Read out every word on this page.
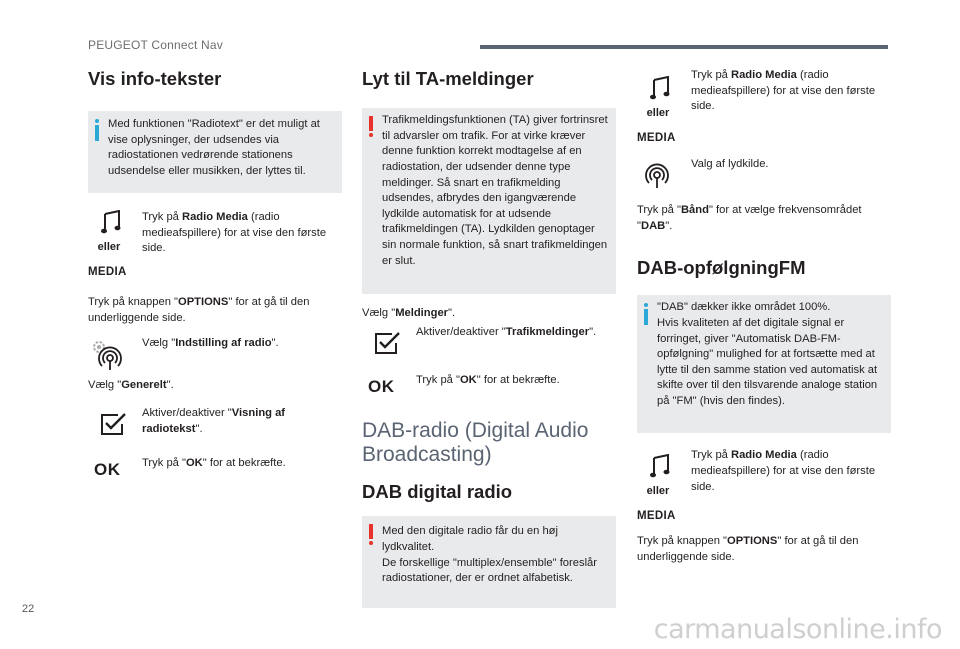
PEUGEOT Connect Nav
Vis info-tekster

Med funktionen "Radiotext" er det muligt at vise oplysninger, der udsendes via radiostationen vedrørende stationens udsendelse eller musikken, der lyttes til.

eller
MEDIA
Tryk på Radio Media (radio medieafspillere) for at vise den første side.
Tryk på knappen "OPTIONS" for at gå til den underliggende side.
Vælg "Indstilling af radio".
Vælg "Generelt".
Aktiver/deaktiver "Visning af radiotekst".
OK Tryk på "OK" for at bekræfte.
Lyt til TA-meldinger

Trafikmeldingsfunktionen (TA) giver fortrinsret til advarsler om trafik. For at virke kræver denne funktion korrekt modtagelse af en radiostation, der udsender denne type meldinger. Så snart en trafikmelding udsendes, afbrydes den igangværende lydkilde automatisk for at udsende trafikmeldingen (TA). Lydkilden genoptager sin normale funktion, så snart trafikmeldingen er slut.

Vælg "Meldinger".
Aktiver/deaktiver "Trafikmeldinger".
OK Tryk på "OK" for at bekræfte.
DAB-radio (Digital Audio Broadcasting)
DAB digital radio

Med den digitale radio får du en høj lydkvalitet.
De forskellige "multiplex/ensemble" foreslår radiostationer, der er ordnet alfabetisk.

eller
MEDIA
Tryk på Radio Media (radio medieafspillere) for at vise den første side.
Valg af lydkilde.
Tryk på "Bånd" for at vælge frekvensområdet "DAB".
DAB-opfølgningFM

"DAB" dækker ikke området 100%.
Hvis kvaliteten af det digitale signal er forringet, giver "Automatisk DAB-FM-opfølgning" mulighed for at fortsætte med at lytte til den samme station ved automatisk at skifte over til den tilsvarende analoge station på "FM" (hvis den findes).

eller
MEDIA
Tryk på Radio Media (radio medieafspillere) for at vise den første side.
Tryk på knappen "OPTIONS" for at gå til den underliggende side.
22
carmanualsonline.info
